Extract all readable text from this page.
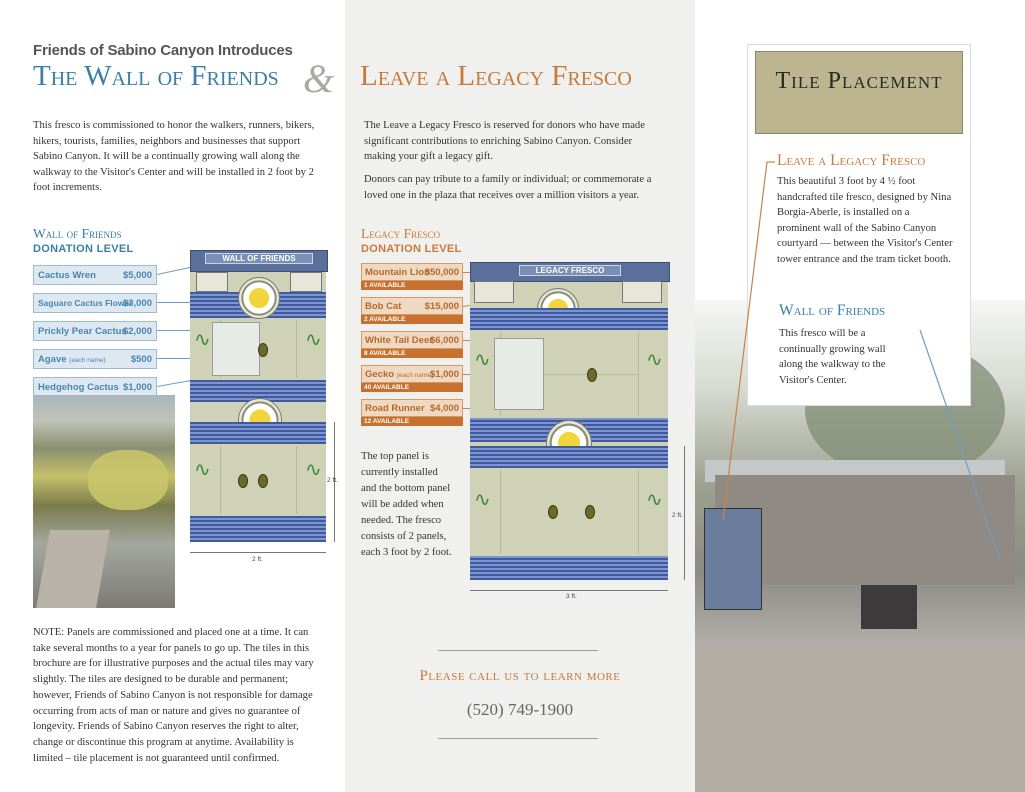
Friends of Sabino Canyon Introduces
The Wall of Friends &
This fresco is commissioned to honor the walkers, runners, bikers, hikers, tourists, families, neighbors and businesses that support Sabino Canyon. It will be a continually growing wall along the walkway to the Visitor's Center and will be installed in 2 foot by 2 foot increments.
Wall of Friends
DONATION LEVEL
Cactus Wren	$5,000
Saguaro Cactus Flower
$3,000
Prickly Pear Cactus
$2,000
Agave (each name)	$500
Hedgehog Cactus $1,000
WALL OF FRIENDS
∿	∿
∿	∿ 2 ft.
2 ft.
NOTE: Panels are commissioned and placed one at a time. It can take several months to a year for panels to go up. The tiles in this brochure are for illustrative purposes and the actual tiles may vary slightly. The tiles are designed to be durable and permanent; however, Friends of Sabino Canyon is not responsible for damage occurring from acts of man or nature and gives no guarantee of longevity. Friends of Sabino Canyon reserves the right to alter, change or discontinue this program at anytime. Availability is limited – tile placement is not guaranteed until confirmed.
Leave a Legacy Fresco
The Leave a Legacy Fresco is reserved for donors who have made significant contributions to enriching Sabino Canyon. Consider making your gift a legacy gift.
Donors can pay tribute to a family or individual; or commemorate a loved one in the plaza that receives over a million visitors a year.
Legacy Fresco
DONATION LEVEL
Mountain Lion
$50,000
1 AVAILABLE
Bob Cat $15,000
2 AVAILABLE
White Tail Deer
$6,000
8 AVAILABLE
Gecko (each name)
$1,000
40 AVAILABLE
Road Runner $4,000
12 AVAILABLE
LEGACY FRESCO
∿	∿
∿	∿
2 ft.
3 ft.
The top panel is currently installed and the bottom panel will be added when needed. The fresco consists of 2 panels, each 3 foot by 2 foot.
Please call us to learn more
(520) 749-1900
Tile Placement
Leave a Legacy Fresco
This beautiful 3 foot by 4 ½ foot handcrafted tile fresco, designed by Nina Borgia-Aberle, is installed on a prominent wall of the Sabino Canyon courtyard — between the Visitor's Center tower entrance and the tram ticket booth.
Wall of Friends
This fresco will be a continually growing wall along the walkway to the Visitor's Center.
